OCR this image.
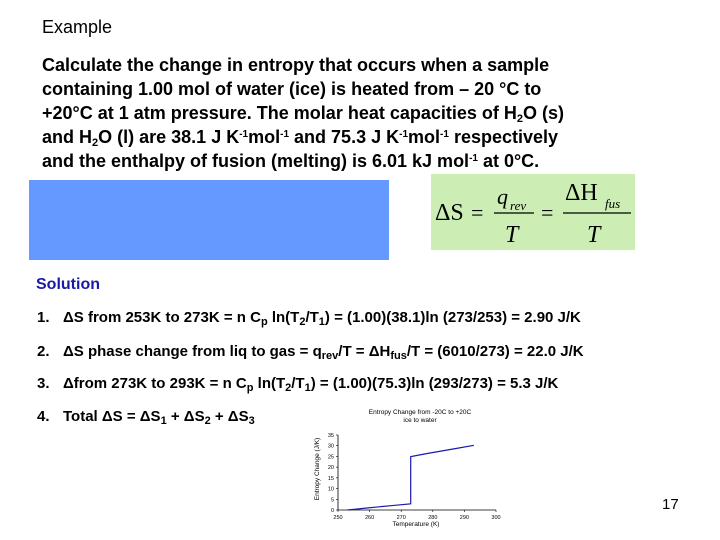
Example

Calculate the change in entropy that occurs when a sample
containing 1.00 mol of water (ice) is heated from – 20 °C to
+20°C at 1 atm pressure. The molar heat capacities of $H_2O$ (s)
and $H_2O$ (l) are 38.1 J $K^{-1}mol^{-1}$ and 75.3 J $K^{-1}mol^{-1}$ respectively
and the enthalpy of fusion (melting) is 6.01 kJ mol$^{-1}$ at 0°C.

ΔS =
q rev
T
=
ΔH fus
T
Solution
1. ΔS from 253K to 273K = n $C_p$ $\ln(T_2/T_1) = (1.00)(38.1)\ln$ (273/253) = 2.90 J/K
2. ΔS phase change from liq to gas = $q_{rev}/T = \Delta H_{fus}/T = (6010/273) = 22.0$ J/K
3. Δfrom 273K to 293K = n $C_p$ $\ln(T_2/T_1) = (1.00)(75.3)\ln$ (293/273) = 5.3 J/K
4. Total $\Delta S = \Delta S_1 + \Delta S_2 + \Delta S_3$
Entropy Change from -20C to +20C
ice to water
Temperature (K)
Entropy Change (J/K)
0
5
10
15
20
25
30
35
250	260	270	280	290	300
17
